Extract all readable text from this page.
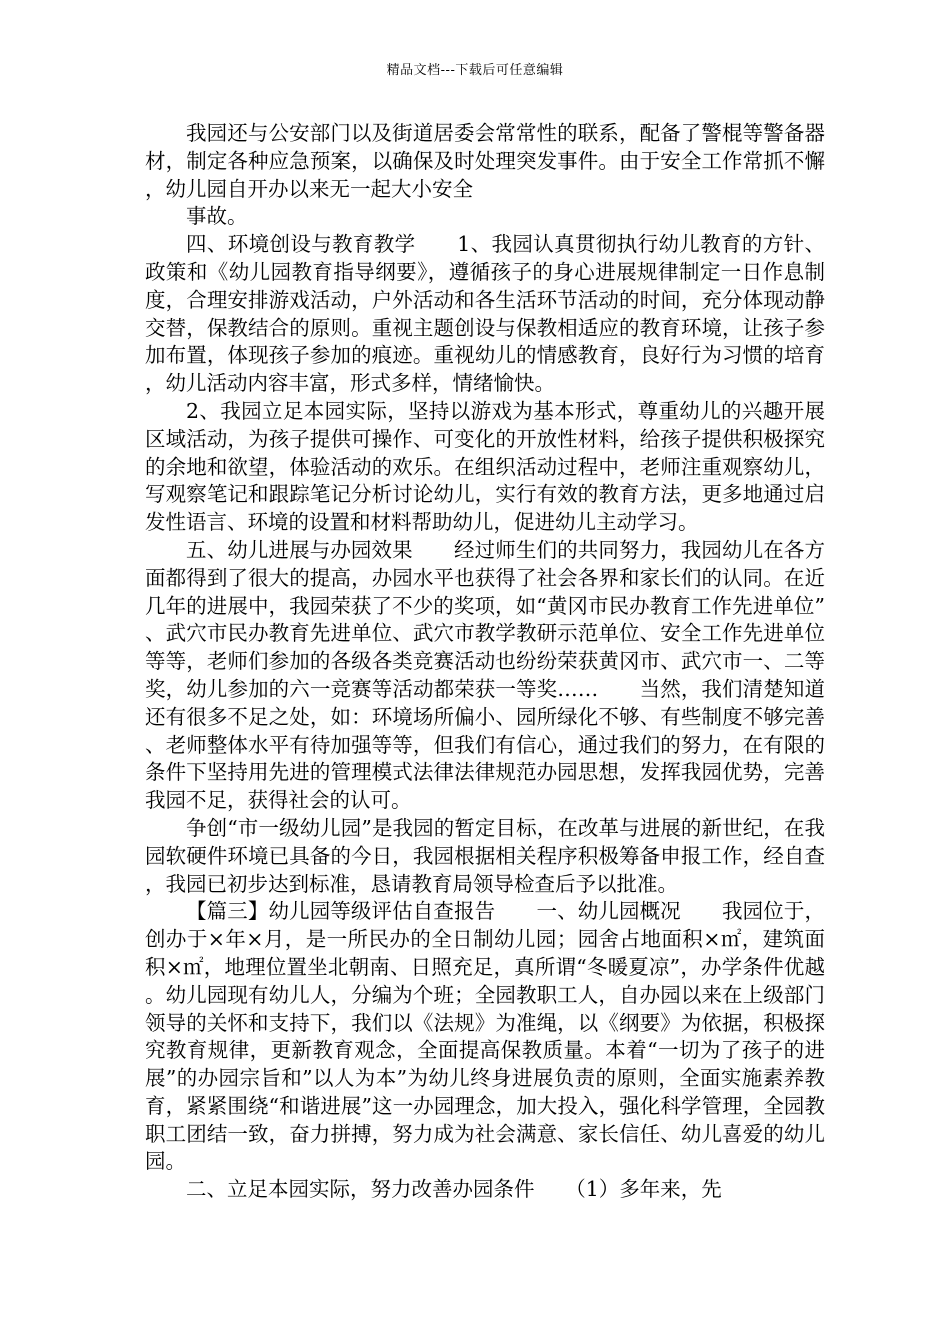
精品文档---下载后可任意编辑

我园还与公安部门以及街道居委会常常性的联系，配备了警棍等警备器材，制定各种应急预案，以确保及时处理突发事件。由于安全工作常抓不懈，幼儿园自开办以来无一起大小安全

事故。

四、环境创设与教育教学　　1、我园认真贯彻执行幼儿教育的方针、政策和《幼儿园教育指导纲要》，遵循孩子的身心进展规律制定一日作息制度，合理安排游戏活动，户外活动和各生活环节活动的时间，充分体现动静交替，保教结合的原则。重视主题创设与保教相适应的教育环境，让孩子参加布置，体现孩子参加的痕迹。重视幼儿的情感教育，良好行为习惯的培育，幼儿活动内容丰富，形式多样，情绪愉快。

2、我园立足本园实际，坚持以游戏为基本形式，尊重幼儿的兴趣开展区域活动，为孩子提供可操作、可变化的开放性材料，给孩子提供积极探究的余地和欲望，体验活动的欢乐。在组织活动过程中，老师注重观察幼儿，写观察笔记和跟踪笔记分析讨论幼儿，实行有效的教育方法，更多地通过启发性语言、环境的设置和材料帮助幼儿，促进幼儿主动学习。

五、幼儿进展与办园效果　　经过师生们的共同努力，我园幼儿在各方面都得到了很大的提高，办园水平也获得了社会各界和家长们的认同。在近几年的进展中，我园荣获了不少的奖项，如“黄冈市民办教育工作先进单位”、武穴市民办教育先进单位、武穴市教学教研示范单位、安全工作先进单位等等，老师们参加的各级各类竞赛活动也纷纷荣获黄冈市、武穴市一、二等奖，幼儿参加的六一竞赛等活动都荣获一等奖……　　当然，我们清楚知道还有很多不足之处，如：环境场所偏小、园所绿化不够、有些制度不够完善、老师整体水平有待加强等等，但我们有信心，通过我们的努力，在有限的条件下坚持用先进的管理模式法律法律规范办园思想，发挥我园优势，完善我园不足，获得社会的认可。

争创“市一级幼儿园”是我园的暂定目标，在改革与进展的新世纪，在我园软硬件环境已具备的今日，我园根据相关程序积极筹备申报工作，经自查，我园已初步达到标准，恳请教育局领导检查后予以批准。

【篇三】幼儿园等级评估自查报告　　一、幼儿园概况　　我园位于，创办于×年×月，是一所民办的全日制幼儿园；园舍占地面积×㎡，建筑面积×㎡，地理位置坐北朝南、日照充足，真所谓“冬暖夏凉”，办学条件优越。幼儿园现有幼儿人，分编为个班；全园教职工人，自办园以来在上级部门领导的关怀和支持下，我们以《法规》为准绳，以《纲要》为依据，积极探究教育规律，更新教育观念，全面提高保教质量。本着“一切为了孩子的进展”的办园宗旨和”以人为本”为幼儿终身进展负责的原则，全面实施素养教育，紧紧围绕“和谐进展”这一办园理念，加大投入，强化科学管理，全园教职工团结一致，奋力拼搏，努力成为社会满意、家长信任、幼儿喜爱的幼儿园。

二、立足本园实际，努力改善办园条件　　（1）多年来，先
